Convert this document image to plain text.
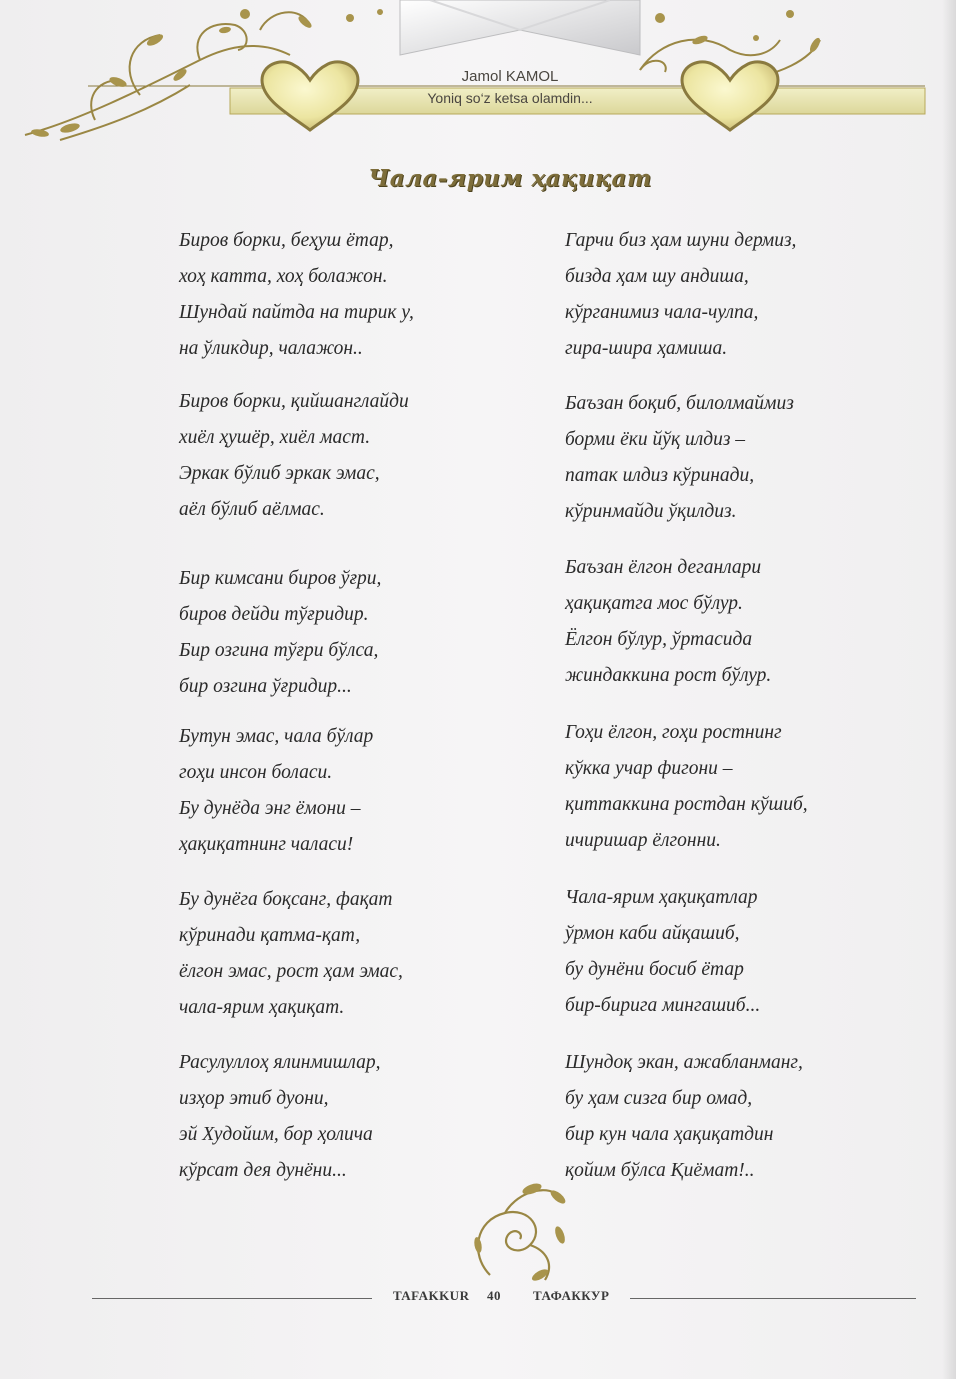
Jamol KAMOL
Yoniq so‘z ketsa olamdin...
Чала-ярим ҳақиқат
Биров борки, беҳуш ётар,
хоҳ катта, хоҳ болажон.
Шундай пайтда на тирик у,
на ўликдир, чалажон..
Биров борки, қийшанглайди
хиёл ҳушёр, хиёл маст.
Эркак бўлиб эркак эмас,
аёл бўлиб аёлмас.
Бир кимсани биров ўғри,
биров дейди тўғридир.
Бир озгина тўғри бўлса,
бир озгина ўғридир...
Бутун эмас, чала бўлар
гоҳи инсон боласи.
Бу дунёда энг ёмони –
ҳақиқатнинг чаласи!
Бу дунёга боқсанг, фақат
кўринади қатма-қат,
ёлгон эмас, рост ҳам эмас,
чала-ярим ҳақиқат.
Расулуллоҳ ялинмишлар,
изҳор этиб дуони,
эй Худойим, бор ҳолича
кўрсат дея дунёни...
Гарчи биз ҳам шуни дермиз,
бизда ҳам шу андиша,
кўрганимиз чала-чулпа,
гира-шира ҳамиша.
Баъзан боқиб, билолмаймиз
борми ёки йўқ илдиз –
патак илдиз кўринади,
кўринмайди ўқилдиз.
Баъзан ёлгон деганлари
ҳақиқатга мос бўлур.
Ёлгон бўлур, ўртасида
жиндаккина рост бўлур.
Гоҳи ёлгон, гоҳи ростнинг
кўкка учар фигони –
қиттаккина ростдан кўшиб,
ичиришар ёлгонни.
Чала-ярим ҳақиқатлар
ўрмон каби айқашиб,
бу дунёни босиб ётар
бир-бирига мингашиб...
Шундоқ экан, ажабланманг,
бу ҳам сизга бир омад,
бир кун чала ҳақиқатдин
қойим бўлса Қиёмат!..
TAFAKKUR 40 ТАФАККУР
